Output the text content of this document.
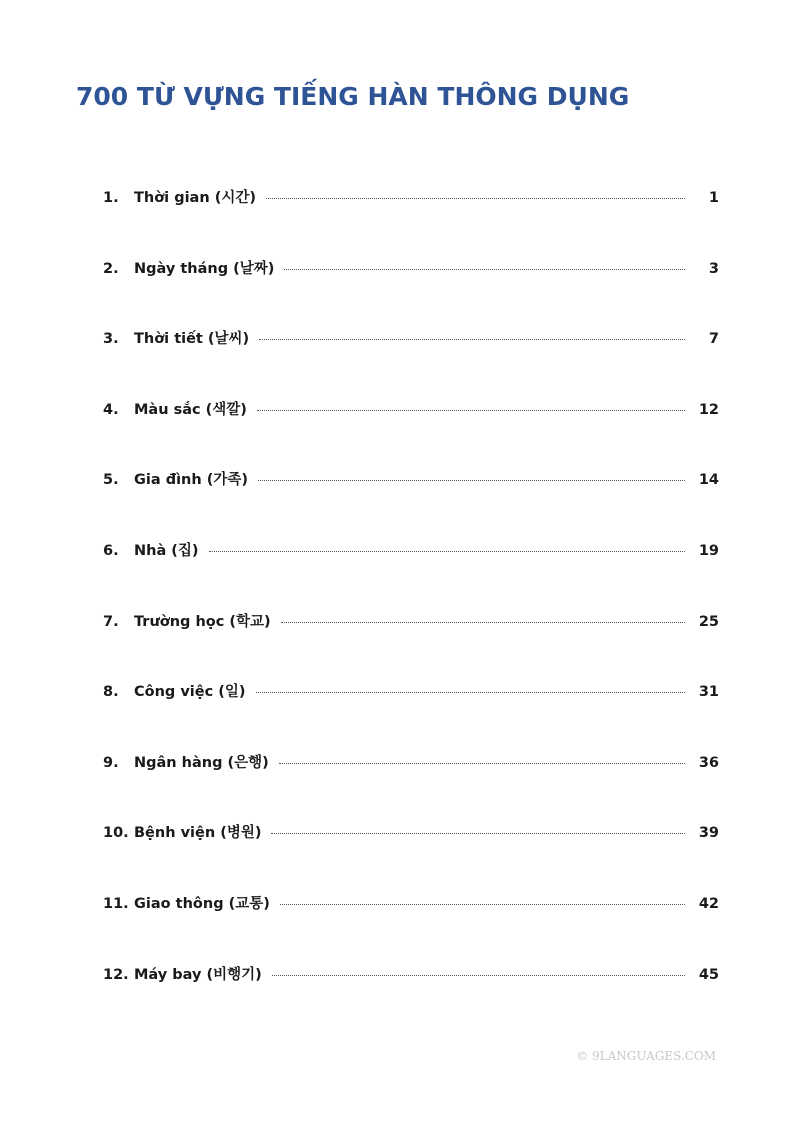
700 TỪ VỰNG TIẾNG HÀN THÔNG DỤNG
1.	Thời gian (시간)	1
2.	Ngày tháng (날짜)	3
3.	Thời tiết (날씨)	7
4.	Màu sắc (색깔)	12
5.	Gia đình (가족)	14
6.	Nhà (집)	19
7.	Trường học (학교)	25
8.	Công việc (일)	31
9.	Ngân hàng (은행)	36
10. Bệnh viện (병원)	39
11. Giao thông (교통)	42
12. Máy bay (비행기)	45
© 9LANGUAGES.COM
